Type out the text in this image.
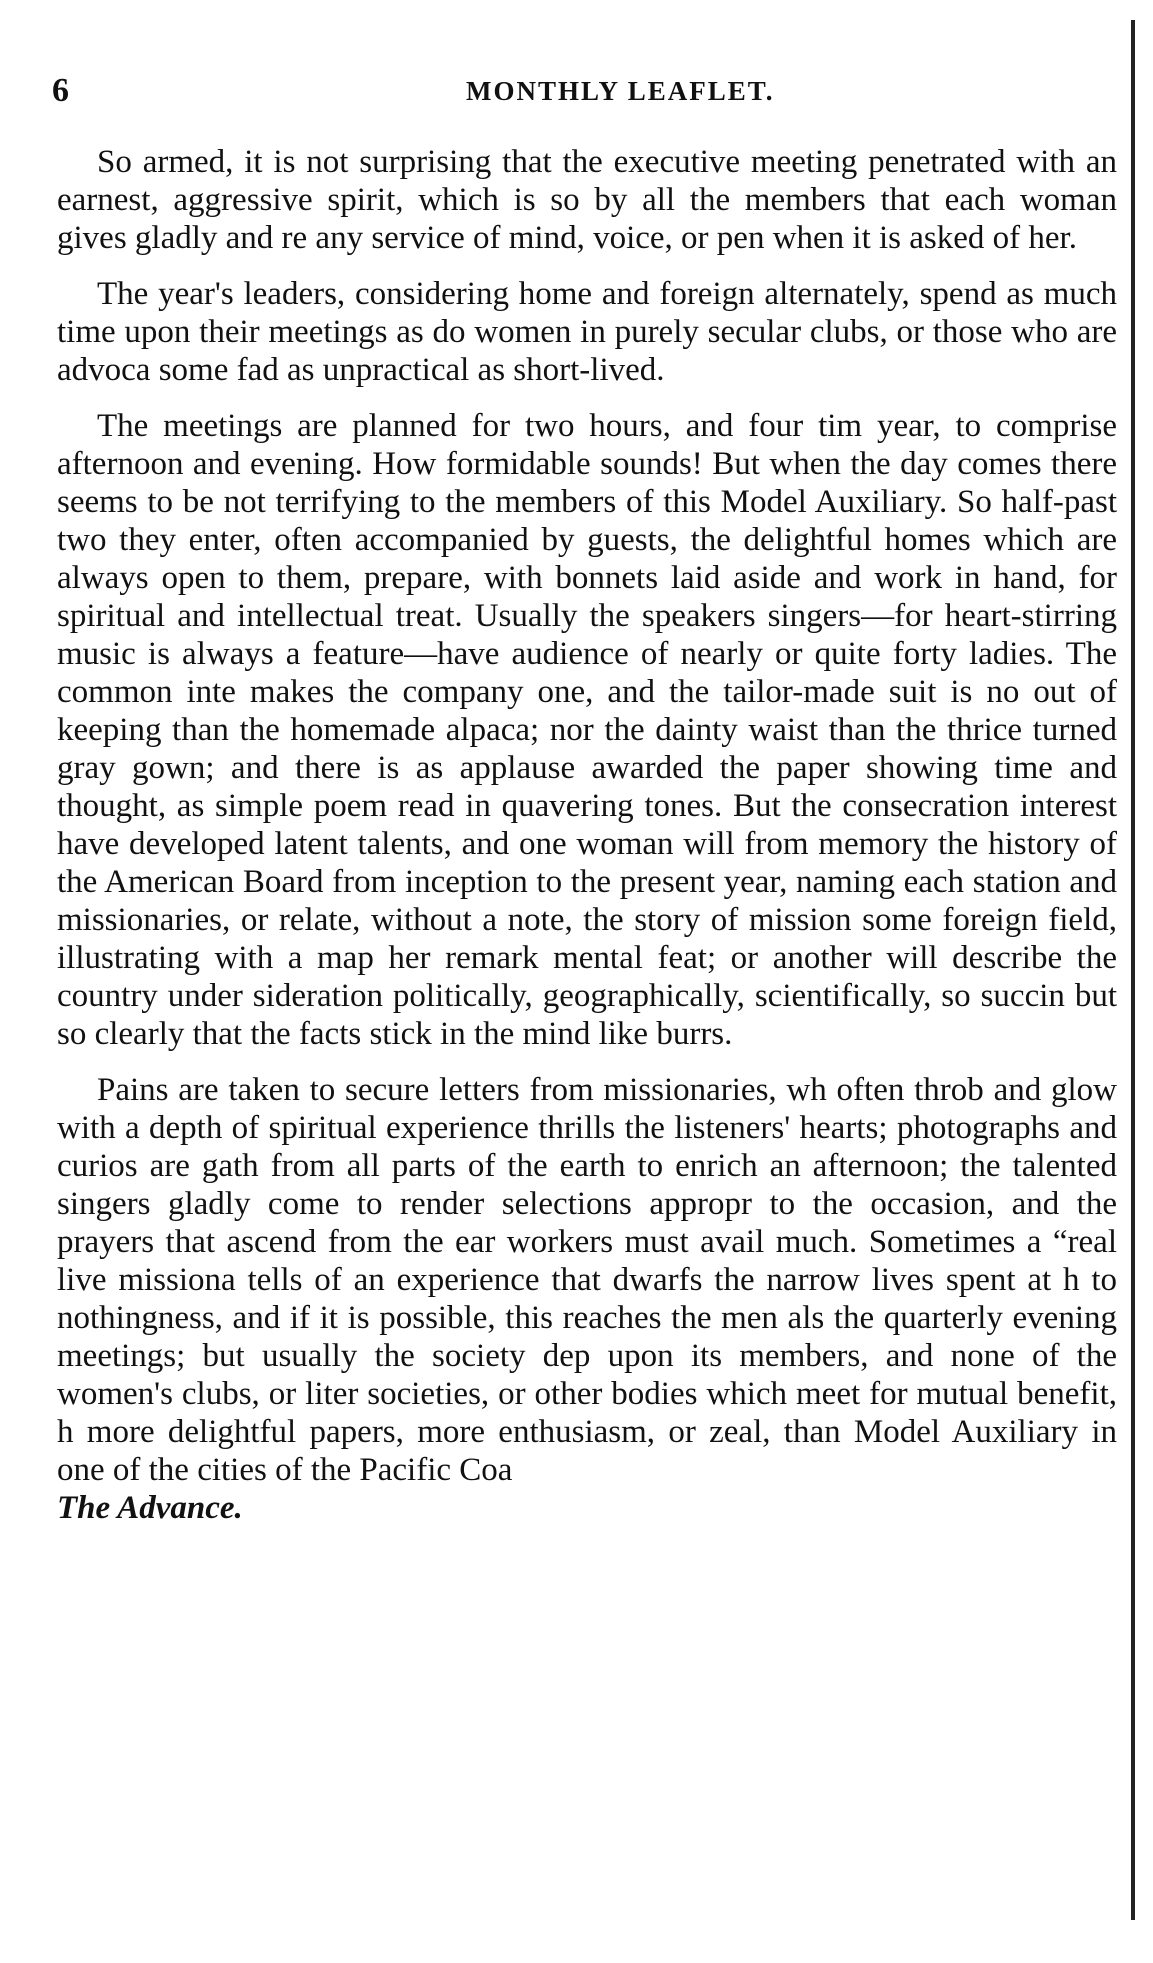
6	MONTHLY LEAFLET.

So armed, it is not surprising that the executive meeting penetrated with an earnest, aggressive spirit, which is so by all the members that each woman gives gladly and re any service of mind, voice, or pen when it is asked of her.

The year's leaders, considering home and foreign alternately, spend as much time upon their meetings as do women in purely secular clubs, or those who are advoca some fad as unpractical as short-lived.

The meetings are planned for two hours, and four tim year, to comprise afternoon and evening. How formidable sounds! But when the day comes there seems to be not terrifying to the members of this Model Auxiliary. So half-past two they enter, often accompanied by guests, the delightful homes which are always open to them, prepare, with bonnets laid aside and work in hand, for spiritual and intellectual treat. Usually the speakers singers—for heart-stirring music is always a feature—have audience of nearly or quite forty ladies. The common inte makes the company one, and the tailor-made suit is no out of keeping than the homemade alpaca; nor the dainty waist than the thrice turned gray gown; and there is as applause awarded the paper showing time and thought, as simple poem read in quavering tones. But the consecration interest have developed latent talents, and one woman will from memory the history of the American Board from inception to the present year, naming each station and missionaries, or relate, without a note, the story of mission some foreign field, illustrating with a map her remark mental feat; or another will describe the country under sideration politically, geographically, scientifically, so succin but so clearly that the facts stick in the mind like burrs.

Pains are taken to secure letters from missionaries, wh often throb and glow with a depth of spiritual experience thrills the listeners' hearts; photographs and curios are gath from all parts of the earth to enrich an afternoon; the talented singers gladly come to render selections appropr to the occasion, and the prayers that ascend from the ear workers must avail much. Sometimes a “real live missiona tells of an experience that dwarfs the narrow lives spent at h to nothingness, and if it is possible, this reaches the men als the quarterly evening meetings; but usually the society dep upon its members, and none of the women's clubs, or liter societies, or other bodies which meet for mutual benefit, h more delightful papers, more enthusiasm, or zeal, than Model Auxiliary in one of the cities of the Pacific Coa

The Advance.
